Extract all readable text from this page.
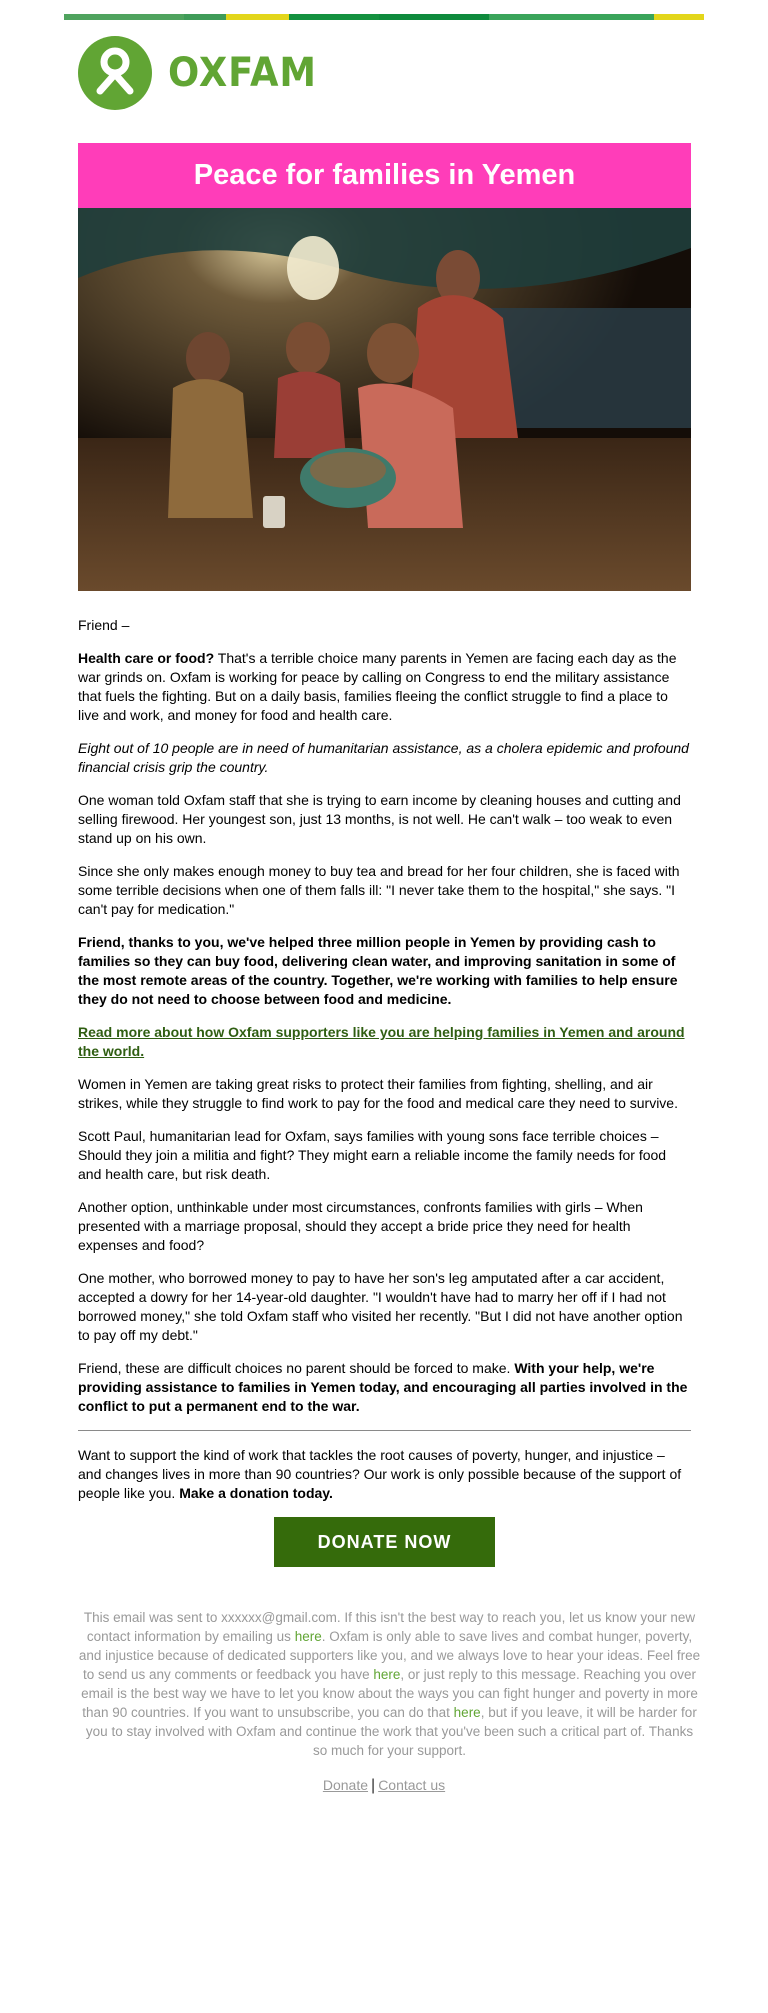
OXFAM
Peace for families in Yemen

Friend –

Health care or food? That's a terrible choice many parents in Yemen are facing each day as the war grinds on. Oxfam is working for peace by calling on Congress to end the military assistance that fuels the fighting. But on a daily basis, families fleeing the conflict struggle to find a place to live and work, and money for food and health care.

Eight out of 10 people are in need of humanitarian assistance, as a cholera epidemic and profound financial crisis grip the country.

One woman told Oxfam staff that she is trying to earn income by cleaning houses and cutting and selling firewood. Her youngest son, just 13 months, is not well. He can't walk – too weak to even stand up on his own.

Since she only makes enough money to buy tea and bread for her four children, she is faced with some terrible decisions when one of them falls ill: "I never take them to the hospital," she says. "I can't pay for medication."

Friend, thanks to you, we've helped three million people in Yemen by providing cash to families so they can buy food, delivering clean water, and improving sanitation in some of the most remote areas of the country. Together, we're working with families to help ensure they do not need to choose between food and medicine.

Read more about how Oxfam supporters like you are helping families in Yemen and around the world.

Women in Yemen are taking great risks to protect their families from fighting, shelling, and air strikes, while they struggle to find work to pay for the food and medical care they need to survive.

Scott Paul, humanitarian lead for Oxfam, says families with young sons face terrible choices – Should they join a militia and fight? They might earn a reliable income the family needs for food and health care, but risk death.

Another option, unthinkable under most circumstances, confronts families with girls – When presented with a marriage proposal, should they accept a bride price they need for health expenses and food?

One mother, who borrowed money to pay to have her son's leg amputated after a car accident, accepted a dowry for her 14-year-old daughter. "I wouldn't have had to marry her off if I had not borrowed money," she told Oxfam staff who visited her recently. "But I did not have another option to pay off my debt."

Friend, these are difficult choices no parent should be forced to make. With your help, we're providing assistance to families in Yemen today, and encouraging all parties involved in the conflict to put a permanent end to the war.

Want to support the kind of work that tackles the root causes of poverty, hunger, and injustice – and changes lives in more than 90 countries? Our work is only possible because of the support of people like you. Make a donation today.

DONATE NOW
This email was sent to xxxxxx@gmail.com. If this isn't the best way to reach you, let us know your new contact information by emailing us here. Oxfam is only able to save lives and combat hunger, poverty, and injustice because of dedicated supporters like you, and we always love to hear your ideas. Feel free to send us any comments or feedback you have here, or just reply to this message. Reaching you over email is the best way we have to let you know about the ways you can fight hunger and poverty in more than 90 countries. If you want to unsubscribe, you can do that here, but if you leave, it will be harder for you to stay involved with Oxfam and continue the work that you've been such a critical part of. Thanks so much for your support.
Donate | Contact us
